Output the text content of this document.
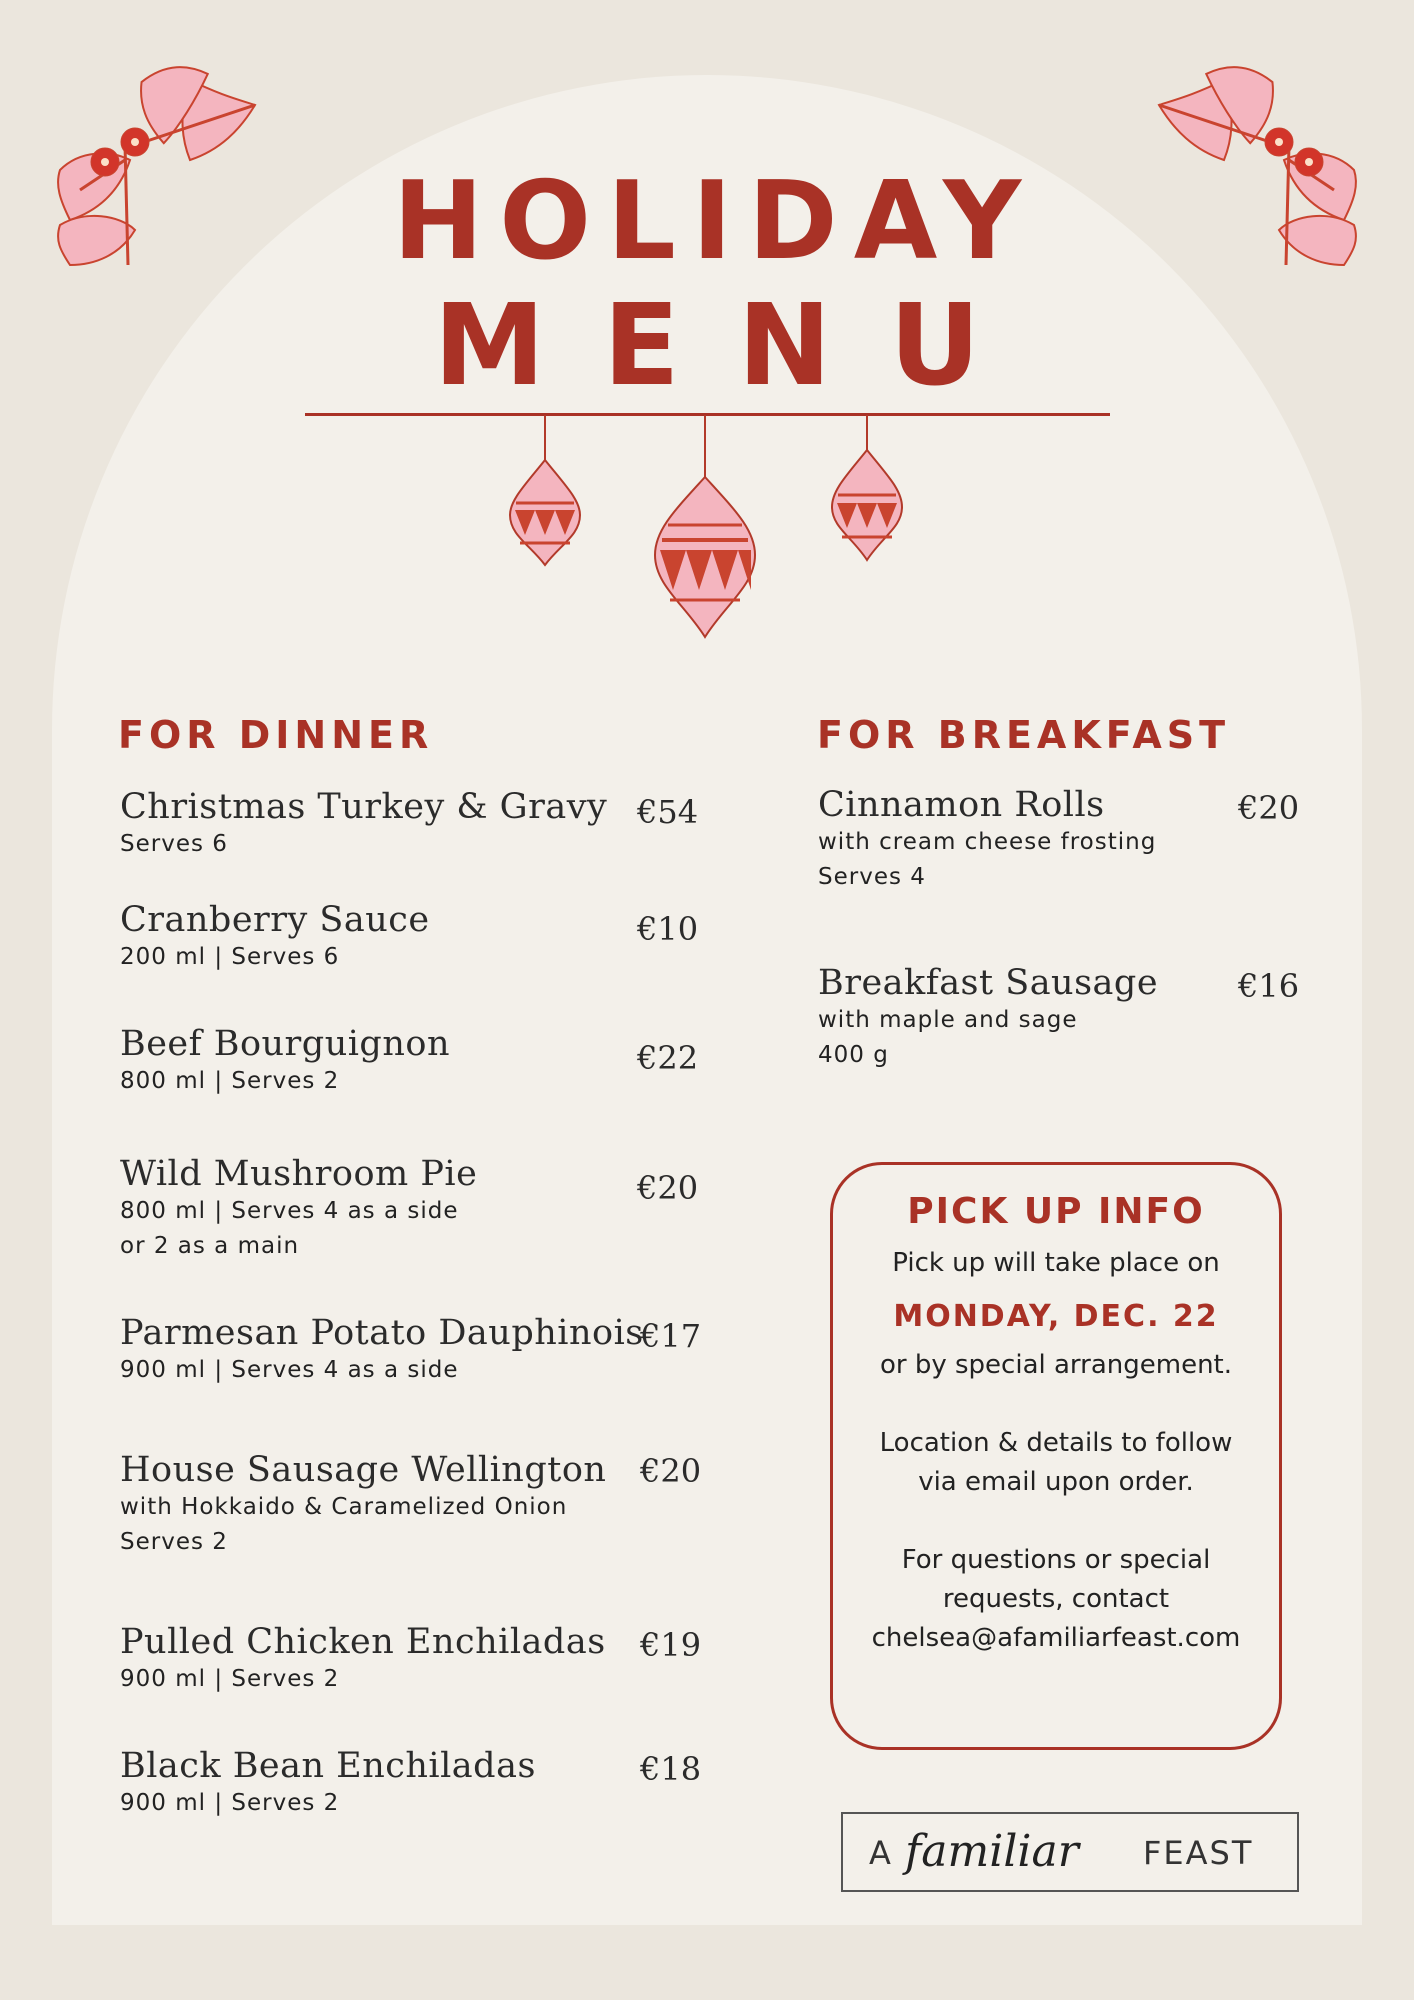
HOLIDAY
MENU
FOR DINNER
Christmas Turkey & Gravy
Serves 6
€54
Cranberry Sauce
200 ml | Serves 6
€10
Beef Bourguignon
800 ml | Serves 2
€22
Wild Mushroom Pie
800 ml | Serves 4 as a side
or 2 as a main
€20
Parmesan Potato Dauphinois
900 ml | Serves 4 as a side
€17
House Sausage Wellington
with Hokkaido & Caramelized Onion
Serves 2
€20
Pulled Chicken Enchiladas
900 ml | Serves 2
€19
Black Bean Enchiladas
900 ml | Serves 2
€18
FOR BREAKFAST
Cinnamon Rolls
with cream cheese frosting
Serves 4
€20
Breakfast Sausage
with maple and sage
400 g
€16
PICK UP INFO
Pick up will take place on
MONDAY, DEC. 22
or by special arrangement.
Location & details to follow
via email upon order.
For questions or special
requests, contact
chelsea@afamiliarfeast.com
A familiar FEAST
